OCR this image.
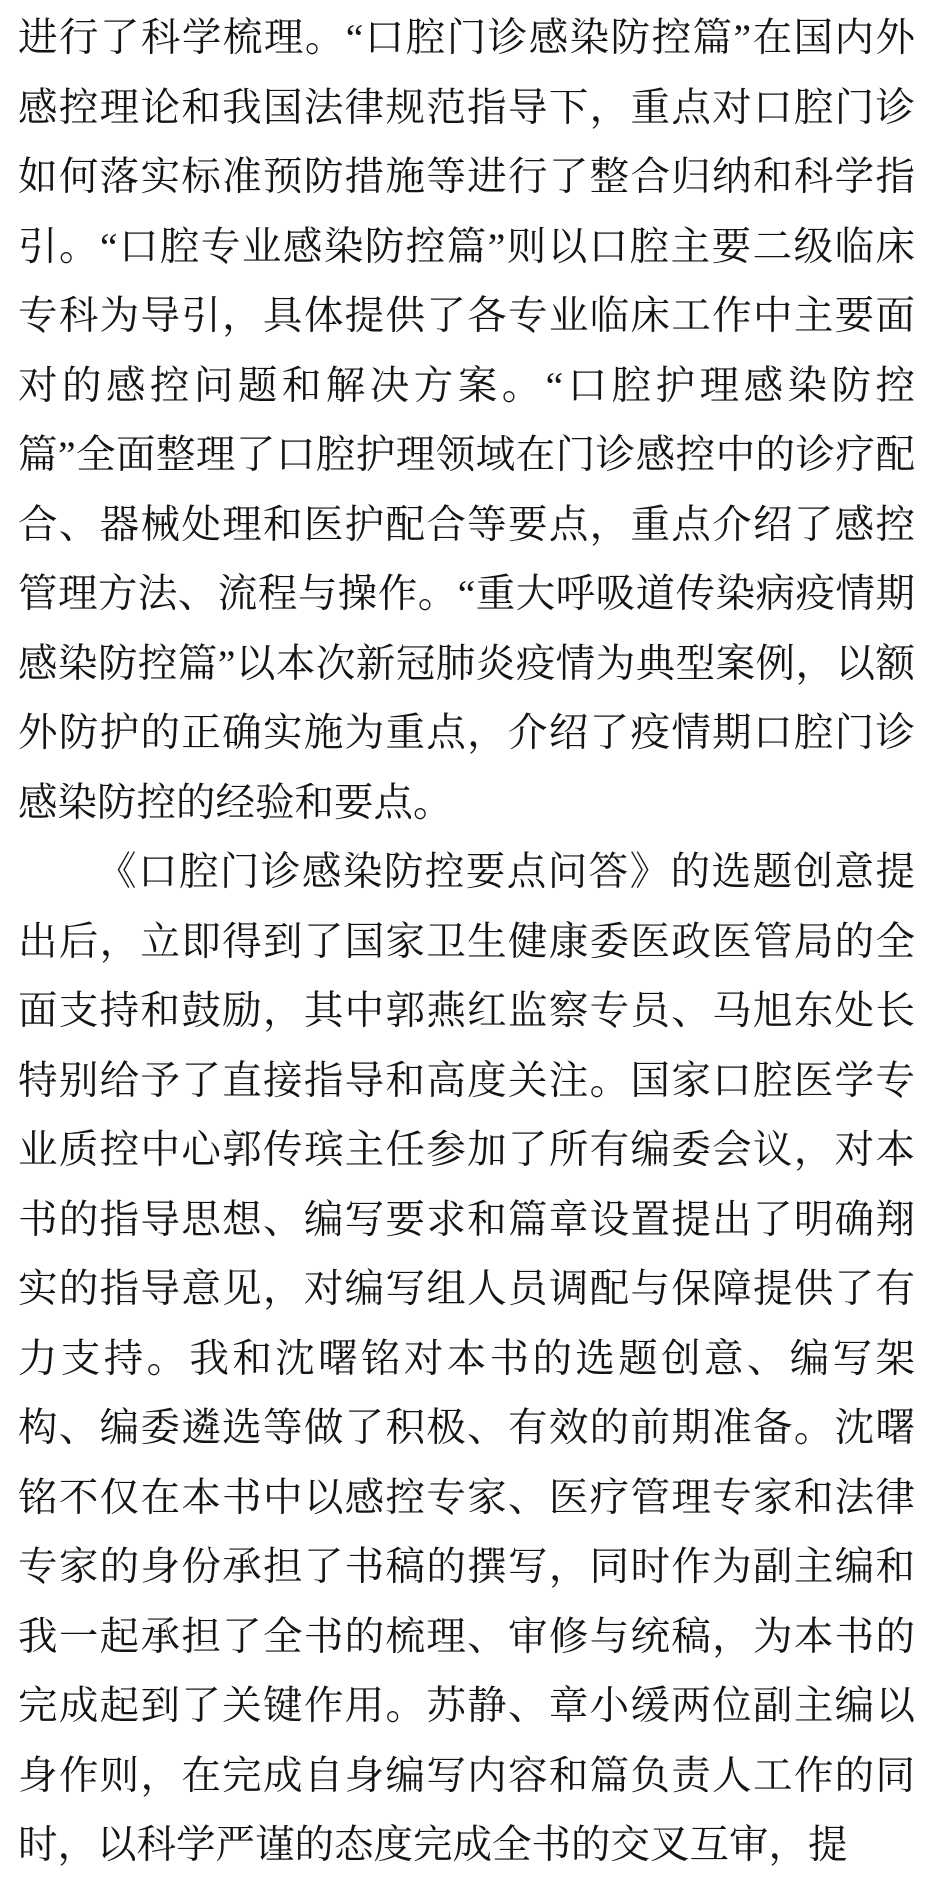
进行了科学梳理。“口腔门诊感染防控篇”在国内外感控理论和我国法律规范指导下，重点对口腔门诊如何落实标准预防措施等进行了整合归纳和科学指引。“口腔专业感染防控篇”则以口腔主要二级临床专科为导引，具体提供了各专业临床工作中主要面对的感控问题和解决方案。“口腔护理感染防控篇”全面整理了口腔护理领域在门诊感控中的诊疗配合、器械处理和医护配合等要点，重点介绍了感控管理方法、流程与操作。“重大呼吸道传染病疫情期感染防控篇”以本次新冠肺炎疫情为典型案例，以额外防护的正确实施为重点，介绍了疫情期口腔门诊感染防控的经验和要点。

《口腔门诊感染防控要点问答》的选题创意提出后，立即得到了国家卫生健康委医政医管局的全面支持和鼓励，其中郭燕红监察专员、马旭东处长特别给予了直接指导和高度关注。国家口腔医学专业质控中心郭传瑸主任参加了所有编委会议，对本书的指导思想、编写要求和篇章设置提出了明确翔实的指导意见，对编写组人员调配与保障提供了有力支持。我和沈曙铭对本书的选题创意、编写架构、编委遴选等做了积极、有效的前期准备。沈曙铭不仅在本书中以感控专家、医疗管理专家和法律专家的身份承担了书稿的撰写，同时作为副主编和我一起承担了全书的梳理、审修与统稿，为本书的完成起到了关键作用。苏静、章小缓两位副主编以身作则，在完成自身编写内容和篇负责人工作的同时，以科学严谨的态度完成全书的交叉互审，提
